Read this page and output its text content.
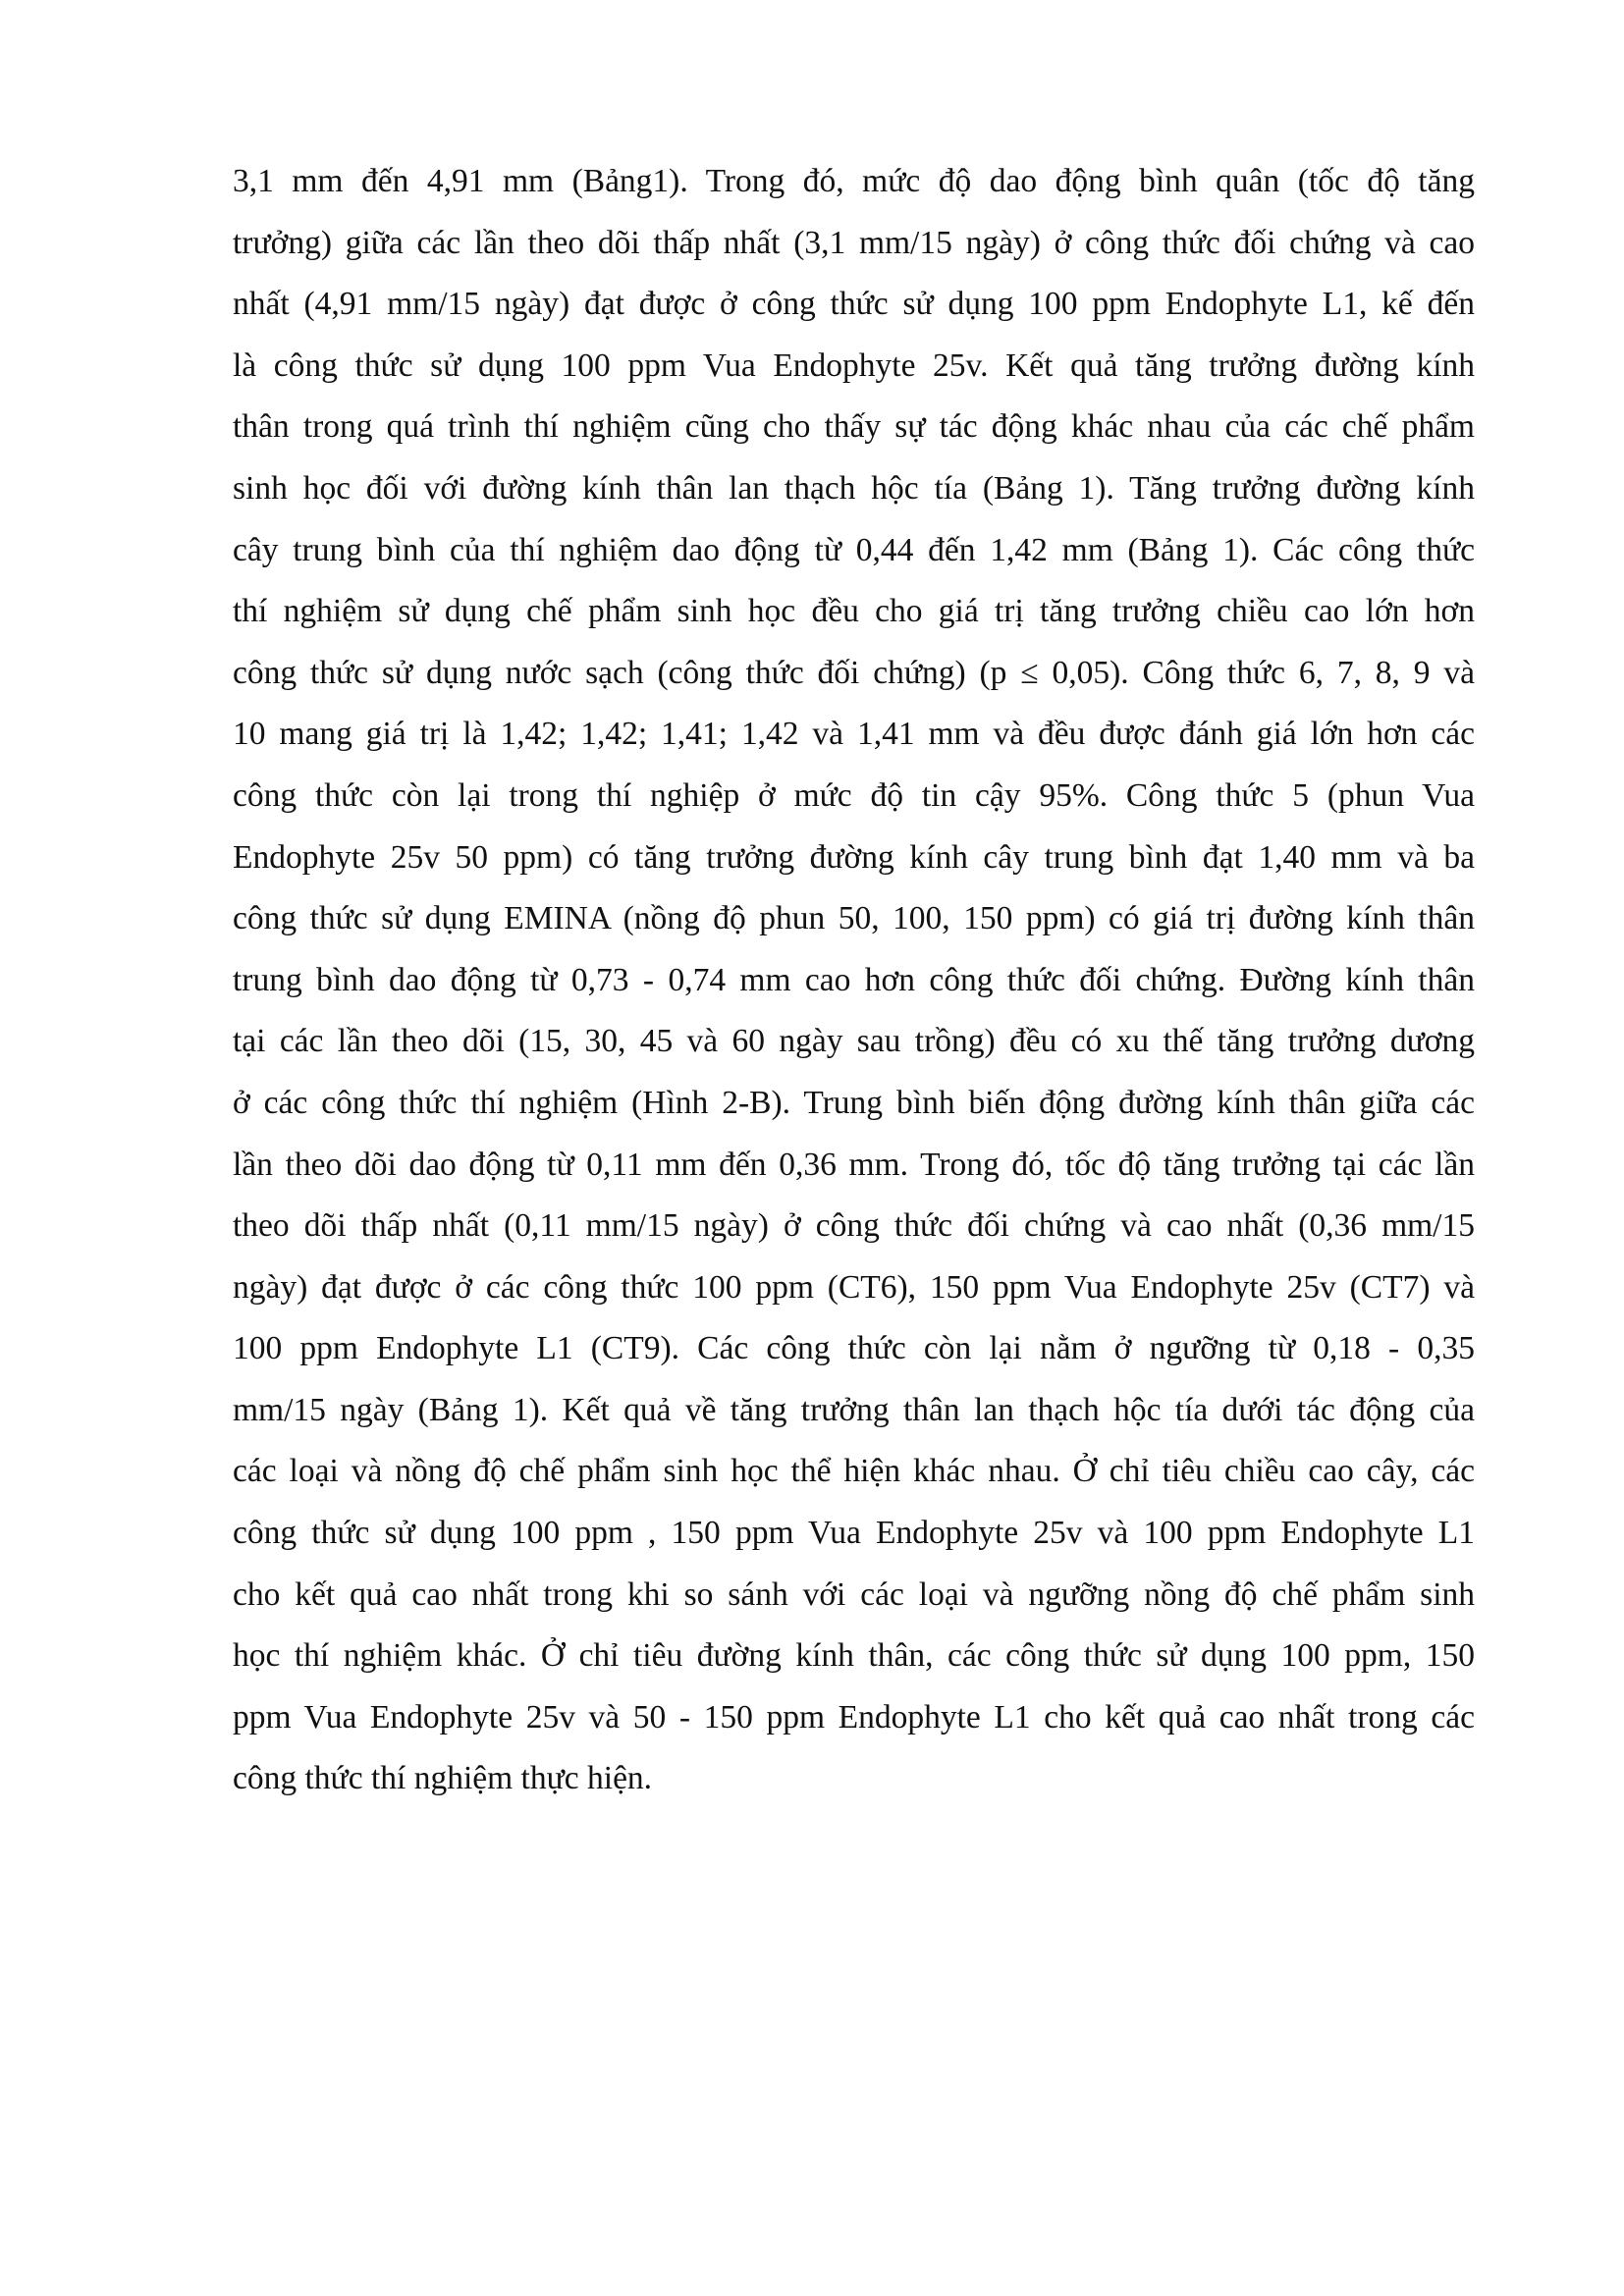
3,1 mm đến 4,91 mm (Bảng1). Trong đó, mức độ dao động bình quân (tốc độ tăng
trưởng) giữa các lần theo dõi thấp nhất (3,1 mm/15 ngày) ở công thức đối chứng và cao
nhất (4,91 mm/15 ngày) đạt được ở công thức sử dụng 100 ppm Endophyte L1, kế đến
là công thức sử dụng 100 ppm Vua Endophyte 25v. Kết quả tăng trưởng đường kính
thân trong quá trình thí nghiệm cũng cho thấy sự tác động khác nhau của các chế phẩm
sinh học đối với đường kính thân lan thạch hộc tía (Bảng 1). Tăng trưởng đường kính
cây trung bình của thí nghiệm dao động từ 0,44 đến 1,42 mm (Bảng 1). Các công thức
thí nghiệm sử dụng chế phẩm sinh học đều cho giá trị tăng trưởng chiều cao lớn hơn
công thức sử dụng nước sạch (công thức đối chứng) (p ≤ 0,05). Công thức 6, 7, 8, 9 và
10 mang giá trị là 1,42; 1,42; 1,41; 1,42 và 1,41 mm và đều được đánh giá lớn hơn các
công thức còn lại trong thí nghiệp ở mức độ tin cậy 95%. Công thức 5 (phun Vua
Endophyte 25v 50 ppm) có tăng trưởng đường kính cây trung bình đạt 1,40 mm và ba
công thức sử dụng EMINA (nồng độ phun 50, 100, 150 ppm) có giá trị đường kính thân
trung bình dao động từ 0,73 - 0,74 mm cao hơn công thức đối chứng. Đường kính thân
tại các lần theo dõi (15, 30, 45 và 60 ngày sau trồng) đều có xu thế tăng trưởng dương
ở các công thức thí nghiệm (Hình 2-B). Trung bình biến động đường kính thân giữa các
lần theo dõi dao động từ 0,11 mm đến 0,36 mm. Trong đó, tốc độ tăng trưởng tại các lần
theo dõi thấp nhất (0,11 mm/15 ngày) ở công thức đối chứng và cao nhất (0,36 mm/15
ngày) đạt được ở các công thức 100 ppm (CT6), 150 ppm Vua Endophyte 25v (CT7) và
100 ppm Endophyte L1 (CT9). Các công thức còn lại nằm ở ngưỡng từ 0,18 - 0,35
mm/15 ngày (Bảng 1). Kết quả về tăng trưởng thân lan thạch hộc tía dưới tác động của
các loại và nồng độ chế phẩm sinh học thể hiện khác nhau. Ở chỉ tiêu chiều cao cây, các
công thức sử dụng 100 ppm , 150 ppm Vua Endophyte 25v và 100 ppm Endophyte L1
cho kết quả cao nhất trong khi so sánh với các loại và ngưỡng nồng độ chế phẩm sinh
học thí nghiệm khác. Ở chỉ tiêu đường kính thân, các công thức sử dụng 100 ppm, 150
ppm Vua Endophyte 25v và 50 - 150 ppm Endophyte L1 cho kết quả cao nhất trong các
công thức thí nghiệm thực hiện.
